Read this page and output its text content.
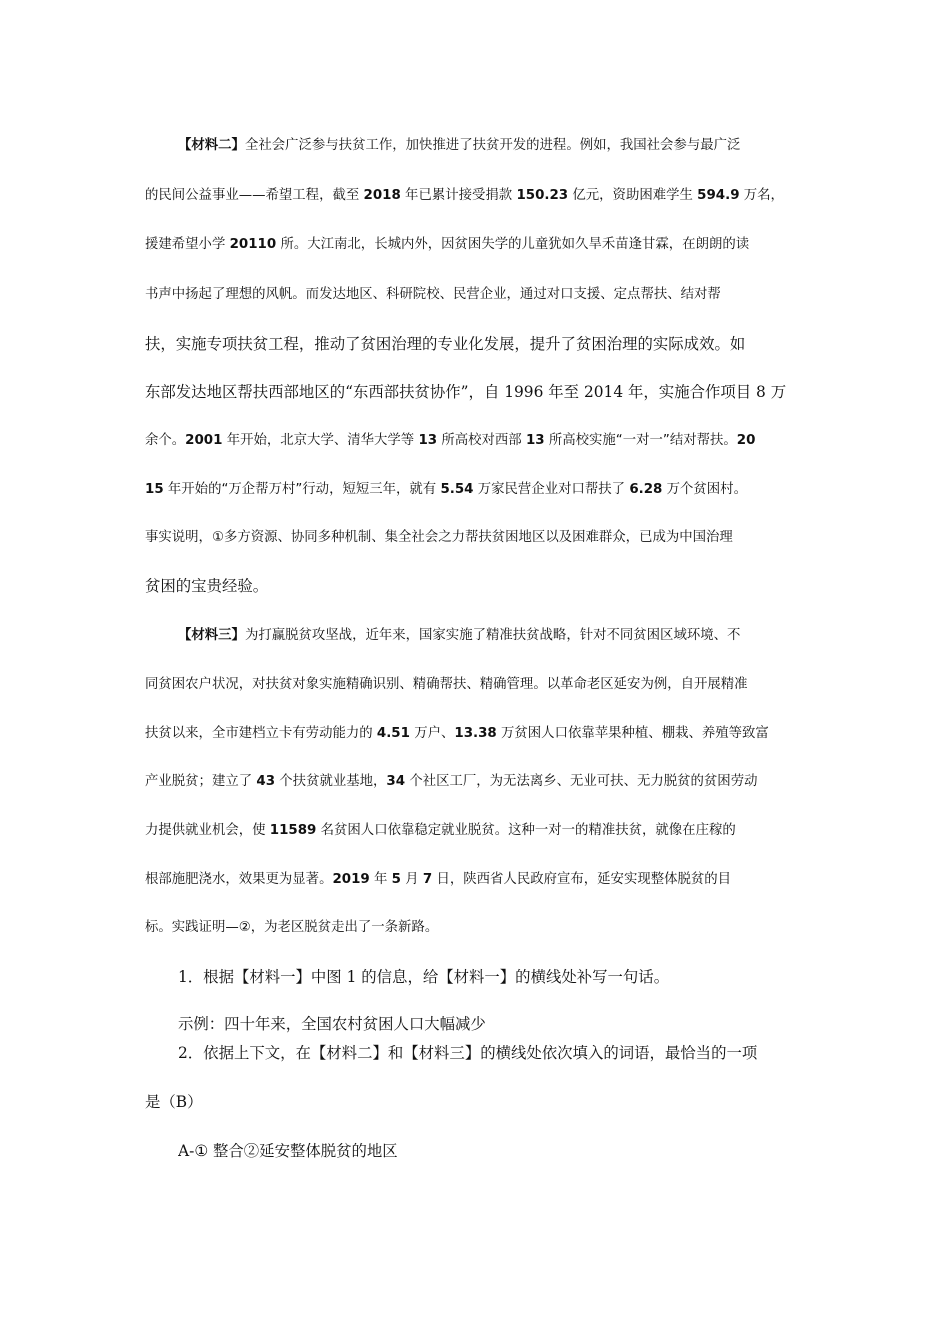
【材料二】全社会广泛参与扶贫工作，加快推进了扶贫开发的进程。例如，我国社会参与最广泛
的民间公益事业——希望工程，截至 2018 年已累计接受捐款 150.23 亿元，资助困难学生 594.9 万名，
援建希望小学 20110 所。大江南北，长城内外，因贫困失学的儿童犹如久旱禾苗逢甘霖，在朗朗的读
书声中扬起了理想的风帆。而发达地区、科研院校、民营企业，通过对口支援、定点帮扶、结对帮
扶，实施专项扶贫工程，推动了贫困治理的专业化发展，提升了贫困治理的实际成效。如
东部发达地区帮扶西部地区的“东西部扶贫协作”，自 1996 年至 2014 年，实施合作项目 8 万
余个。2001 年开始，北京大学、清华大学等 13 所高校对西部 13 所高校实施“一对一”结对帮扶。20
15 年开始的“万企帮万村”行动，短短三年，就有 5.54 万家民营企业对口帮扶了 6.28 万个贫困村。
事实说明，①多方资源、协同多种机制、集全社会之力帮扶贫困地区以及困难群众，已成为中国治理
贫困的宝贵经验。
【材料三】为打赢脱贫攻坚战，近年来，国家实施了精准扶贫战略，针对不同贫困区域环境、不
同贫困农户状况，对扶贫对象实施精确识别、精确帮扶、精确管理。以革命老区延安为例，自开展精准
扶贫以来，全市建档立卡有劳动能力的 4.51 万户、13.38 万贫困人口依靠苹果种植、棚栽、养殖等致富
产业脱贫；建立了 43 个扶贫就业基地，34 个社区工厂，为无法离乡、无业可扶、无力脱贫的贫困劳动
力提供就业机会，使 11589 名贫困人口依靠稳定就业脱贫。这种一对一的精准扶贫，就像在庄稼的
根部施肥浇水，效果更为显著。2019 年 5 月 7 日，陕西省人民政府宣布，延安实现整体脱贫的目
标。实践证明—②，为老区脱贫走出了一条新路。
1．根据【材料一】中图 1 的信息，给【材料一】的横线处补写一句话。
示例：四十年来，全国农村贫困人口大幅减少
2．依据上下文，在【材料二】和【材料三】的横线处依次填入的词语，最恰当的一项
是（B）
A-① 整合②延安整体脱贫的地区
